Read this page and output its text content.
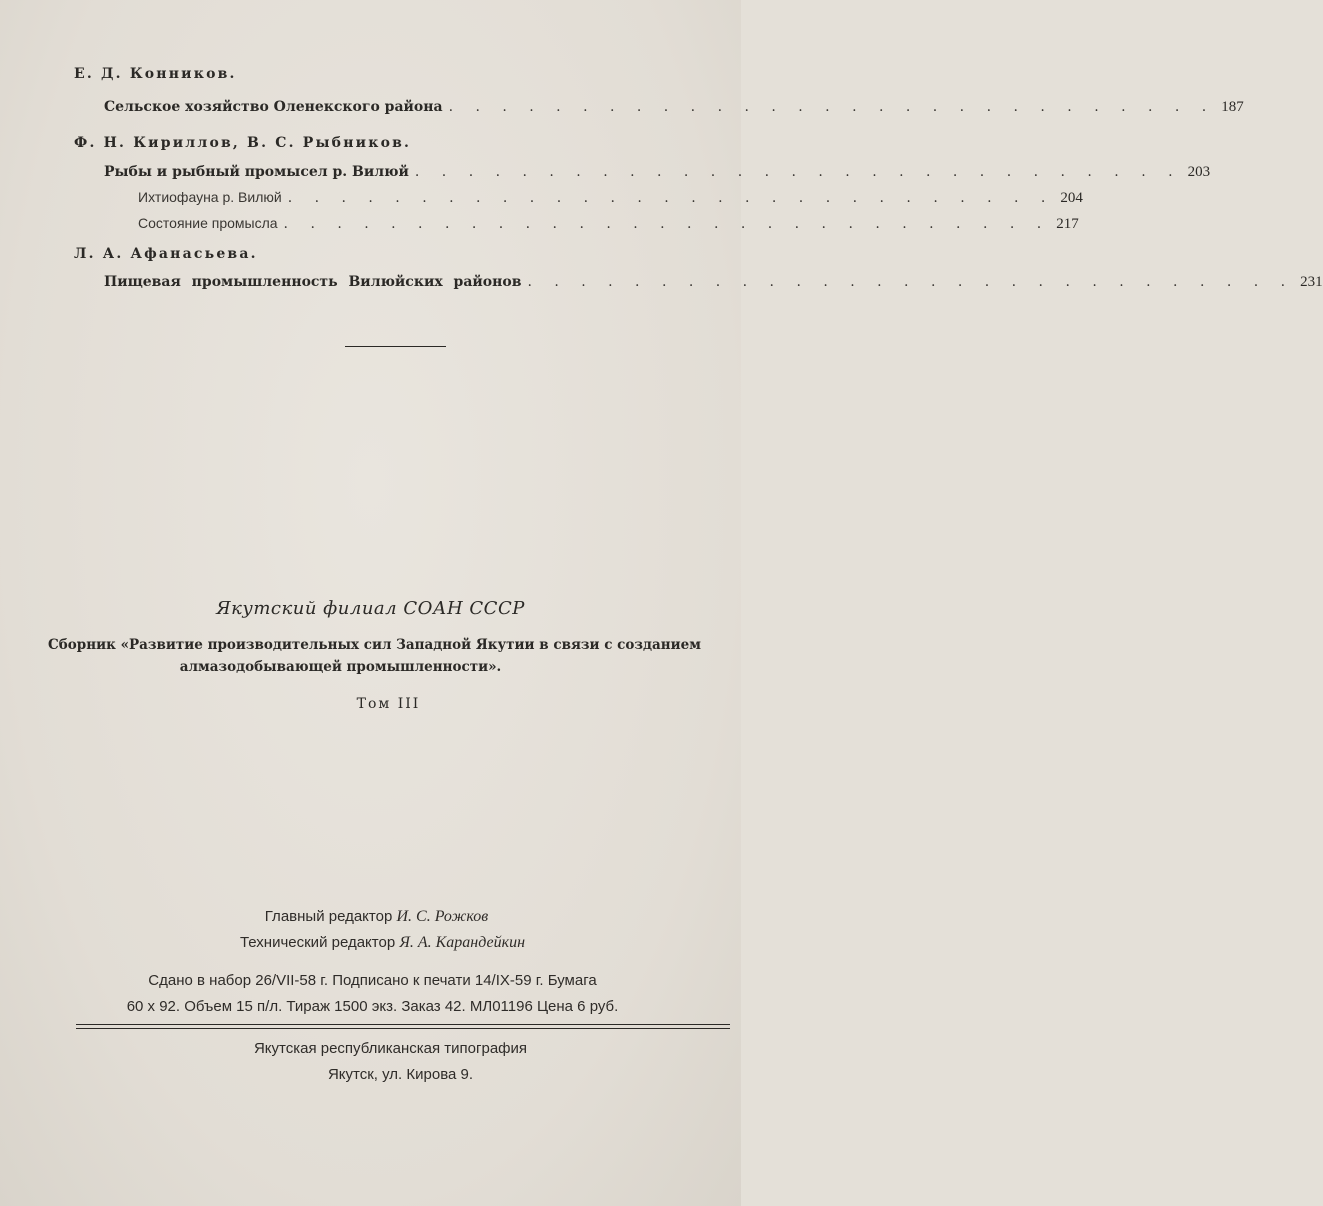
Е. Д. Конников.
Сельское хозяйство Оленекского района . . . . . . . . . . . . . . . . . . . . . . . . . . . . . 187
Ф. Н. Кириллов, В. С. Рыбников.
Рыбы и рыбный промысел р. Вилюй . . . . . . . . . . . . . . . . . . . . . . . . . . . . . 203
Ихтиофауна р. Вилюй . . . . . . . . . . . . . . . . . . . . . . . . . . . . . 204
Состояние промысла . . . . . . . . . . . . . . . . . . . . . . . . . . . . . 217
Л. А. Афанасьева.
Пищевая промышленность Вилюйских районов . . . . . . . . . . . . . . . . . . . . . . . . . . . . . 231
Якутский филиал СОАН СССР
Сборник «Развитие производительных сил Западной Якутии в связи с созданием
алмазодобывающей промышленности».
Том III
Главный редактор И. С. Рожков
Технический редактор Я. А. Карандейкин
Сдано в набор 26/VII-58 г. Подписано к печати 14/IX-59 г. Бумага
60 х 92. Объем 15 п/л. Тираж 1500 экз. Заказ 42. МЛ01196 Цена 6 руб.
Якутская республиканская типография
Якутск, ул. Кирова 9.
